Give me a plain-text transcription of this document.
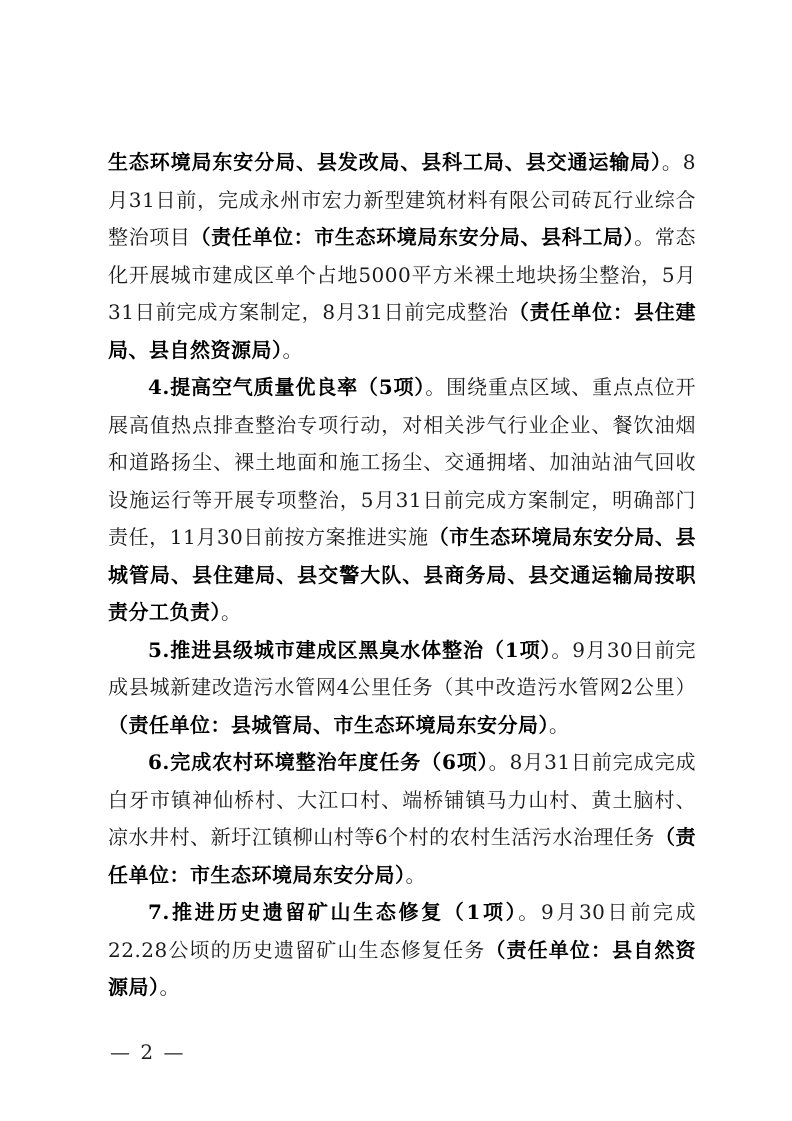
生态环境局东安分局、县发改局、县科工局、县交通运输局）。8月31日前，完成永州市宏力新型建筑材料有限公司砖瓦行业综合整治项目（责任单位：市生态环境局东安分局、县科工局）。常态化开展城市建成区单个占地5000平方米裸土地块扬尘整治，5月31日前完成方案制定，8月31日前完成整治（责任单位：县住建局、县自然资源局）。

4.提高空气质量优良率（5项）。围绕重点区域、重点点位开展高值热点排查整治专项行动，对相关涉气行业企业、餐饮油烟和道路扬尘、裸土地面和施工扬尘、交通拥堵、加油站油气回收设施运行等开展专项整治，5月31日前完成方案制定，明确部门责任，11月30日前按方案推进实施（市生态环境局东安分局、县城管局、县住建局、县交警大队、县商务局、县交通运输局按职责分工负责）。

5.推进县级城市建成区黑臭水体整治（1项）。9月30日前完成县城新建改造污水管网4公里任务（其中改造污水管网2公里）（责任单位：县城管局、市生态环境局东安分局）。

6.完成农村环境整治年度任务（6项）。8月31日前完成完成白牙市镇神仙桥村、大江口村、端桥铺镇马力山村、黄土脑村、凉水井村、新圩江镇柳山村等6个村的农村生活污水治理任务（责任单位：市生态环境局东安分局）。

7.推进历史遗留矿山生态修复（1项）。9月30日前完成22.28公顷的历史遗留矿山生态修复任务（责任单位：县自然资源局）。

— 2 —
